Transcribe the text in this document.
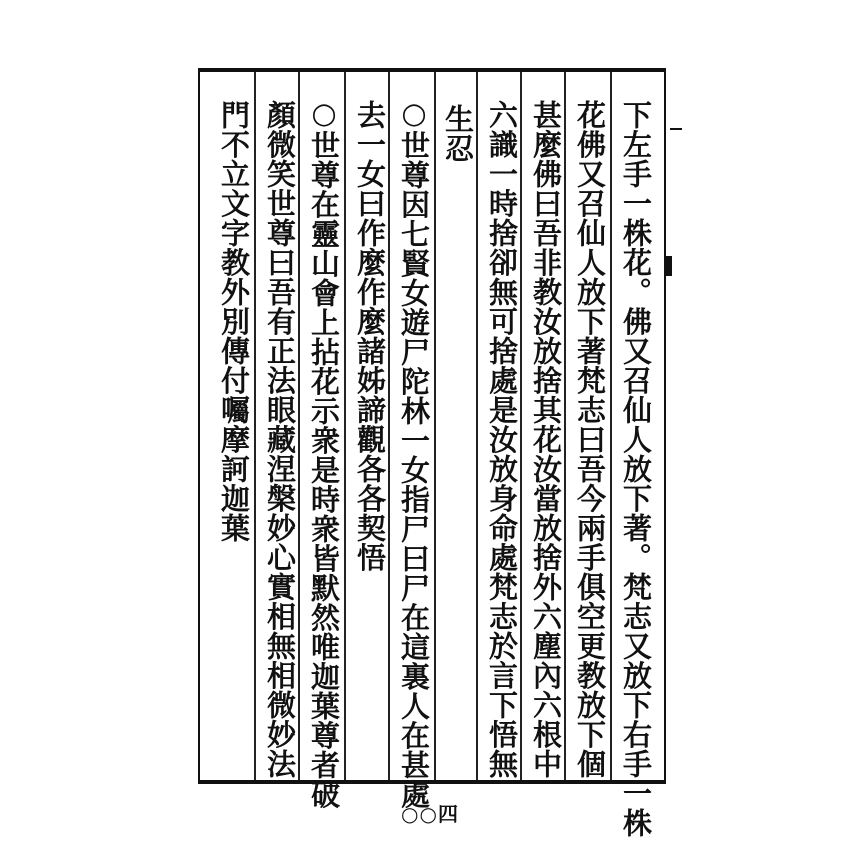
下左手一株花。佛又召仙人放下著。梵志又放下右手一株
花佛又召仙人放下著梵志曰吾今兩手俱空更教放下個
甚麼佛曰吾非教汝放捨其花汝當放捨外六塵內六根中
六識一時捨卻無可捨處是汝放身命處梵志於言下悟無
生忍
○世尊因七賢女遊尸陀林一女指尸曰尸在這裏人在甚處
去一女曰作麼作麼諸姊諦觀各各契悟
○世尊在靈山會上拈花示衆是時衆皆默然唯迦葉尊者破
顏微笑世尊曰吾有正法眼藏涅槃妙心實相無相微妙法
門不立文字教外別傳付囑摩訶迦葉
○○四
